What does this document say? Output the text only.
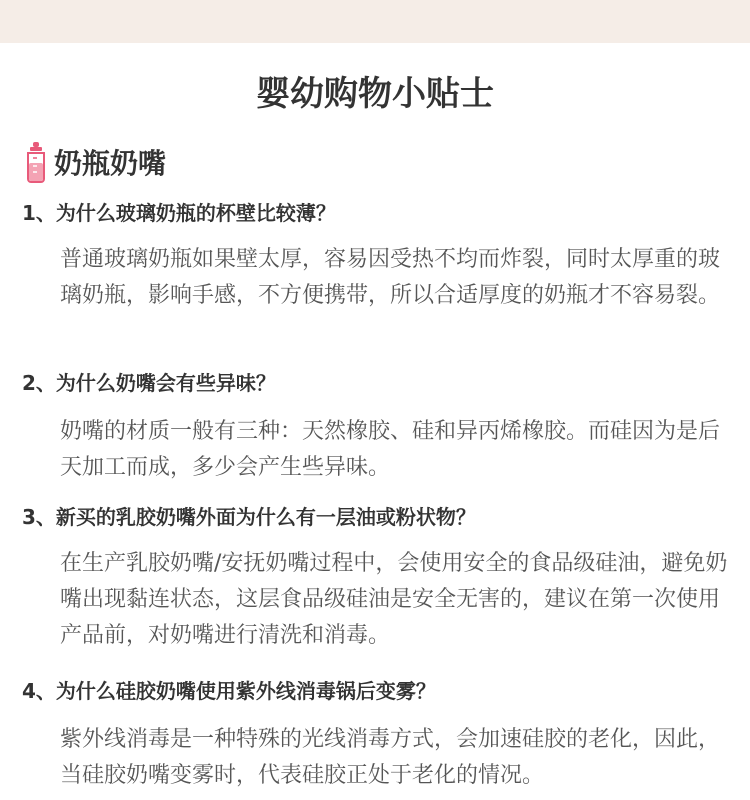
婴幼购物小贴士
奶瓶奶嘴
1、为什么玻璃奶瓶的杯壁比较薄？
普通玻璃奶瓶如果壁太厚，容易因受热不均而炸裂，同时太厚重的玻璃奶瓶，影响手感，不方便携带，所以合适厚度的奶瓶才不容易裂。
2、为什么奶嘴会有些异味？
奶嘴的材质一般有三种：天然橡胶、硅和异丙烯橡胶。而硅因为是后天加工而成，多少会产生些异味。
3、新买的乳胶奶嘴外面为什么有一层油或粉状物？
在生产乳胶奶嘴/安抚奶嘴过程中，会使用安全的食品级硅油，避免奶嘴出现黏连状态，这层食品级硅油是安全无害的，建议在第一次使用产品前，对奶嘴进行清洗和消毒。
4、为什么硅胶奶嘴使用紫外线消毒锅后变雾？
紫外线消毒是一种特殊的光线消毒方式，会加速硅胶的老化，因此，当硅胶奶嘴变雾时，代表硅胶正处于老化的情况。
